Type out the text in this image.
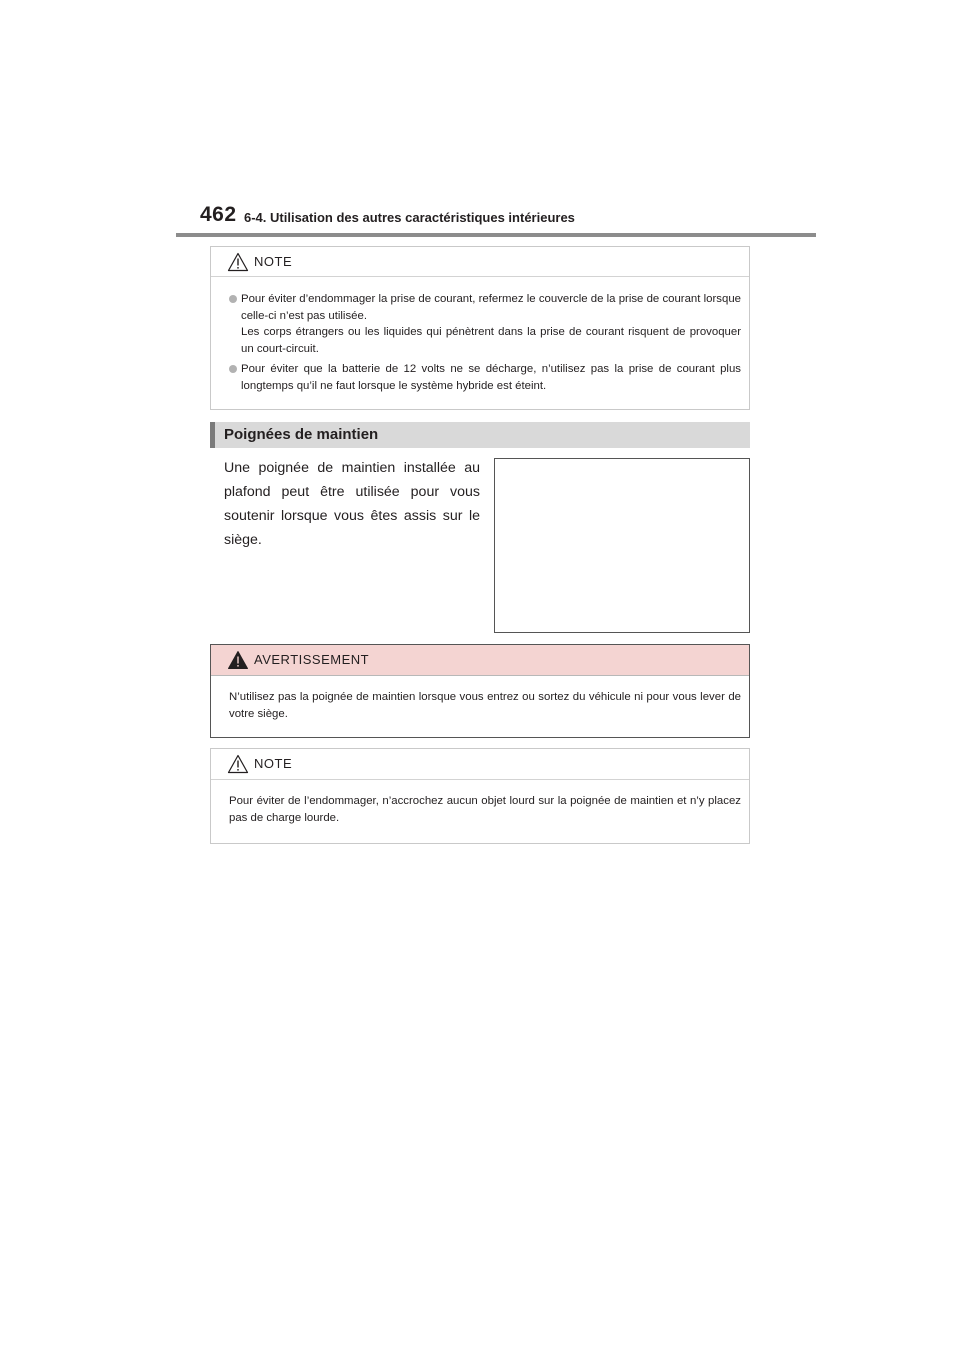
462 6-4. Utilisation des autres caractéristiques intérieures
NOTE

Pour éviter d’endommager la prise de courant, refermez le couvercle de la prise de courant lorsque celle-ci n’est pas utilisée.

Les corps étrangers ou les liquides qui pénètrent dans la prise de courant risquent de provoquer un court-circuit.

Pour éviter que la batterie de 12 volts ne se décharge, n’utilisez pas la prise de courant plus longtemps qu’il ne faut lorsque le système hybride est éteint.

Poignées de maintien
Une poignée de maintien installée au plafond peut être utilisée pour vous soutenir lorsque vous êtes assis sur le siège.
AVERTISSEMENT

N’utilisez pas la poignée de maintien lorsque vous entrez ou sortez du véhicule ni pour vous lever de votre siège.

NOTE

Pour éviter de l’endommager, n’accrochez aucun objet lourd sur la poignée de maintien et n’y placez pas de charge lourde.
